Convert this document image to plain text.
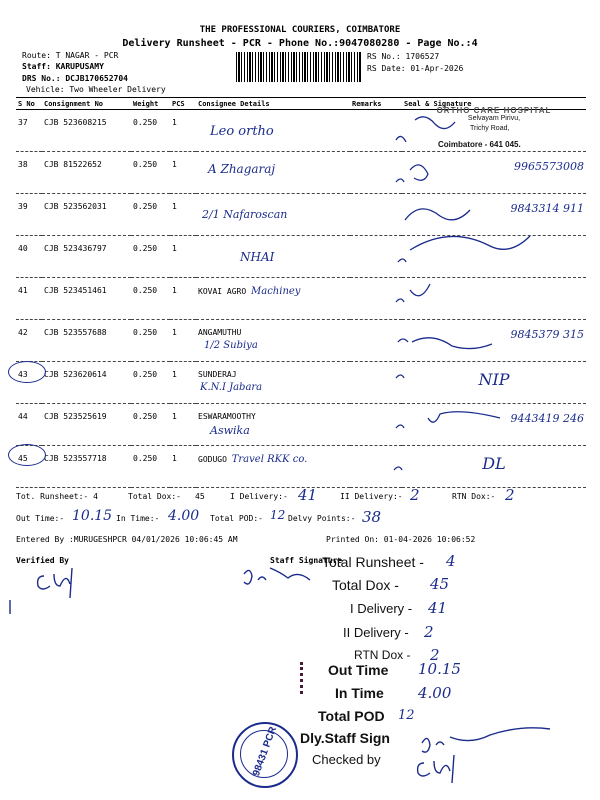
THE PROFESSIONAL COURIERS, COIMBATORE
Delivery Runsheet - PCR - Phone No.:9047080280 - Page No.:4
Route: T NAGAR - PCR
Staff: KARUPUSAMY
DRS No.: DCJB170652704
Vehicle: Two Wheeler Delivery
RS No.: 1706527
RS Date: 01-Apr-2026
S No	Consignment No	Weight	PCS	Consignee Details	Remarks	Seal & Signature
37	CJB 523608215	0.250	1	Leo ortho		

38	CJB 81522652	0.250	1	A Zhagaraj		9965573008
39	CJB 523562031	0.250	1	2/1 Nafaroscan		9843314 911
40	CJB 523436797	0.250	1	NHAI		

41	CJB 523451461	0.250	1	KOVAI AGRO Machiney		
42	CJB 523557688	0.250	1	ANGAMUTHU
1/2 Subiya		9845379 315
43	CJB 523620614	0.250	1	SUNDERAJ
K.N.I Jabara		NIP
44	CJB 523525619	0.250	1	ESWARAMOOTHY
Aswika		9443419 246
45	CJB 523557718	0.250	1	GODUGO Travel RKK co.		DL
ORTHO CARE HOSPITAL
Selvayam Pirivu,
Trichy Road,
Coimbatore - 641 045.
Tot. Runsheet:- 4	Total Dox:- 45	I Delivery:- 41	II Delivery:- 2	RTN Dox:- 2
Out Time:- 10.15 In Time:- 4.00 Total POD:- 12 Delvy Points:- 38
Entered By :MURUGESHPCR 04/01/2026 10:06:45 AM	Printed On: 01-04-2026 10:06:52
Verified By	Staff Signature
Total Runsheet - 4
Total Dox - 45
I Delivery - 41
II Delivery - 2
RTN Dox - 2
Out Time 10.15
In Time 4.00
Total POD 12
Dly.Staff Sign
Checked by
98431 PCR
